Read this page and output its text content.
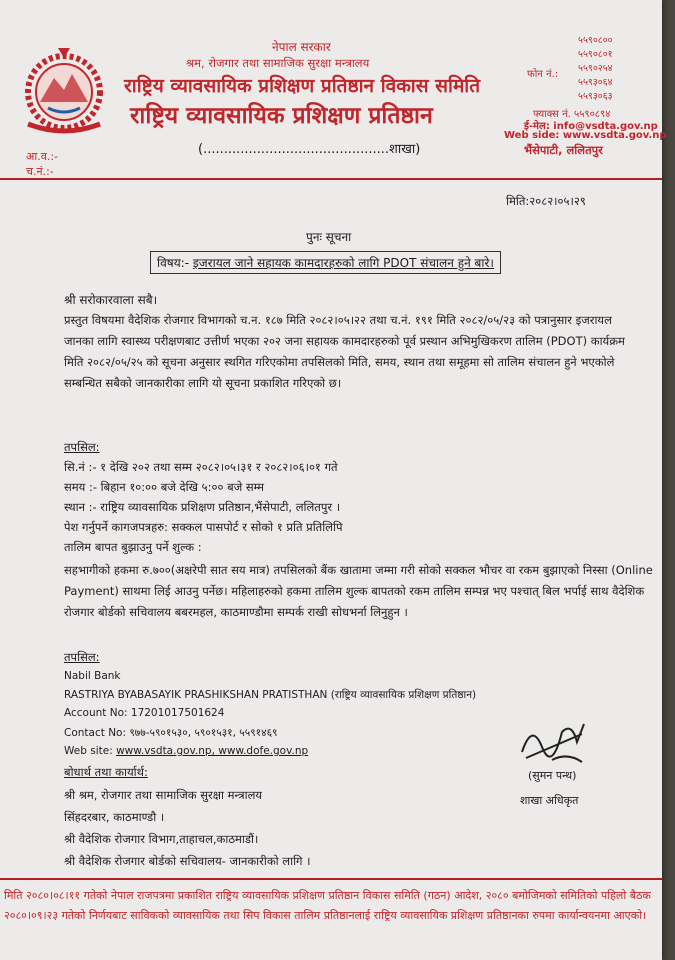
नेपाल सरकार
श्रम, रोजगार तथा सामाजिक सुरक्षा मन्त्रालय
राष्ट्रिय व्यावसायिक प्रशिक्षण प्रतिष्ठान विकास समिति
राष्ट्रिय व्यावसायिक प्रशिक्षण प्रतिष्ठान
(.............................................शाखा)
फोन नं.:
५५९०८००
५५९०८०१
५५९०२५४
५५९३०६४
५५९३०६३
फ्याक्स नं. ५५९०८९४
ई-मेल: info@vsdta.gov.np
Web side: www.vsdta.gov.np
भैंसेपाटी, ललितपुर
आ.व.:-
च.नं.:-
मिति:२०८२।०५।२९
पुनः सूचना
विषय:- इजरायल जाने सहायक कामदारहरुको लागि PDOT संचालन हुने बारे।
श्री सरोकारवाला सबै।
प्रस्तुत विषयमा वैदेशिक रोजगार विभागको च.न. १८७ मिति २०८२।०५।२२ तथा च.नं. १९१ मिति २०८२/०५/२३ को पत्रानुसार इजरायल जानका लागि स्वास्थ्य परीक्षणबाट उत्तीर्ण भएका २०२ जना सहायक कामदारहरुको पूर्व प्रस्थान अभिमुखिकरण तालिम (PDOT) कार्यक्रम मिति २०८२/०५/२५ को सूचना अनुसार स्थगित गरिएकोमा तपसिलको मिति, समय, स्थान तथा समूहमा सो तालिम संचालन हुने भएकोले सम्बन्धित सबैको जानकारीका लागि यो सूचना प्रकाशित गरिएको छ।
तपसिल:
सि.नं :- १ देखि २०२ तथा सम्म २०८२।०५।३१ र २०८२।०६।०१ गते
समय :- बिहान १०:०० बजे देखि ५:०० बजे सम्म
स्थान :- राष्ट्रिय व्यावसायिक प्रशिक्षण प्रतिष्ठान,भैंसेपाटी, ललितपुर ।
पेश गर्नुपर्ने कागजपत्रहरु: सक्कल पासपोर्ट र सोको १ प्रति प्रतिलिपि
तालिम बापत बुझाउनु पर्ने शुल्क :
सहभागीको हकमा रु.७००(अक्षरेपी सात सय मात्र) तपसिलको बैंक खातामा जम्मा गरी सोको सक्कल भौचर वा रकम बुझाएको निस्सा (Online Payment) साथमा लिई आउनु पर्नेछ। महिलाहरुको हकमा तालिम शुल्क बापतको रकम तालिम सम्पन्न भए पश्चात् बिल भर्पाई साथ वैदेशिक रोजगार बोर्डको सचिवालय बबरमहल, काठमाण्डौमा सम्पर्क राखी सोधभर्ना लिनुहुन ।
तपसिल:
Nabil Bank
RASTRIYA BYABASAYIK PRASHIKSHAN PRATISTHAN (राष्ट्रिय व्यावसायिक प्रशिक्षण प्रतिष्ठान)
Account No: 17201017501624
Contact No: ९७७-५९०१५३०, ५९०१५३१, ५५९१४६९
Web site: www.vsdta.gov.np, www.dofe.gov.np
बोधार्थ तथा कार्यार्थ:
श्री श्रम, रोजगार तथा सामाजिक सुरक्षा मन्त्रालय
सिंहदरबार, काठमाण्डौ ।
श्री वैदेशिक रोजगार विभाग,ताहाचल,काठमाडौं।
श्री वैदेशिक रोजगार बोर्डको सचिवालय- जानकारीको लागि ।
(सुमन पन्थ)
शाखा अधिकृत
मिति २०८०।०८।११ गतेको नेपाल राजपत्रमा प्रकाशित राष्ट्रिय व्यावसायिक प्रशिक्षण प्रतिष्ठान विकास समिति (गठन) आदेश, २०८० बमोजिमको समितिको पहिलो बैठक २०८०।०९।२३ गतेको निर्णयबाट साविकको व्यावसायिक तथा सिप विकास तालिम प्रतिष्ठानलाई राष्ट्रिय व्यावसायिक प्रशिक्षण प्रतिष्ठानका रुपमा कार्यान्वयनमा आएको।
